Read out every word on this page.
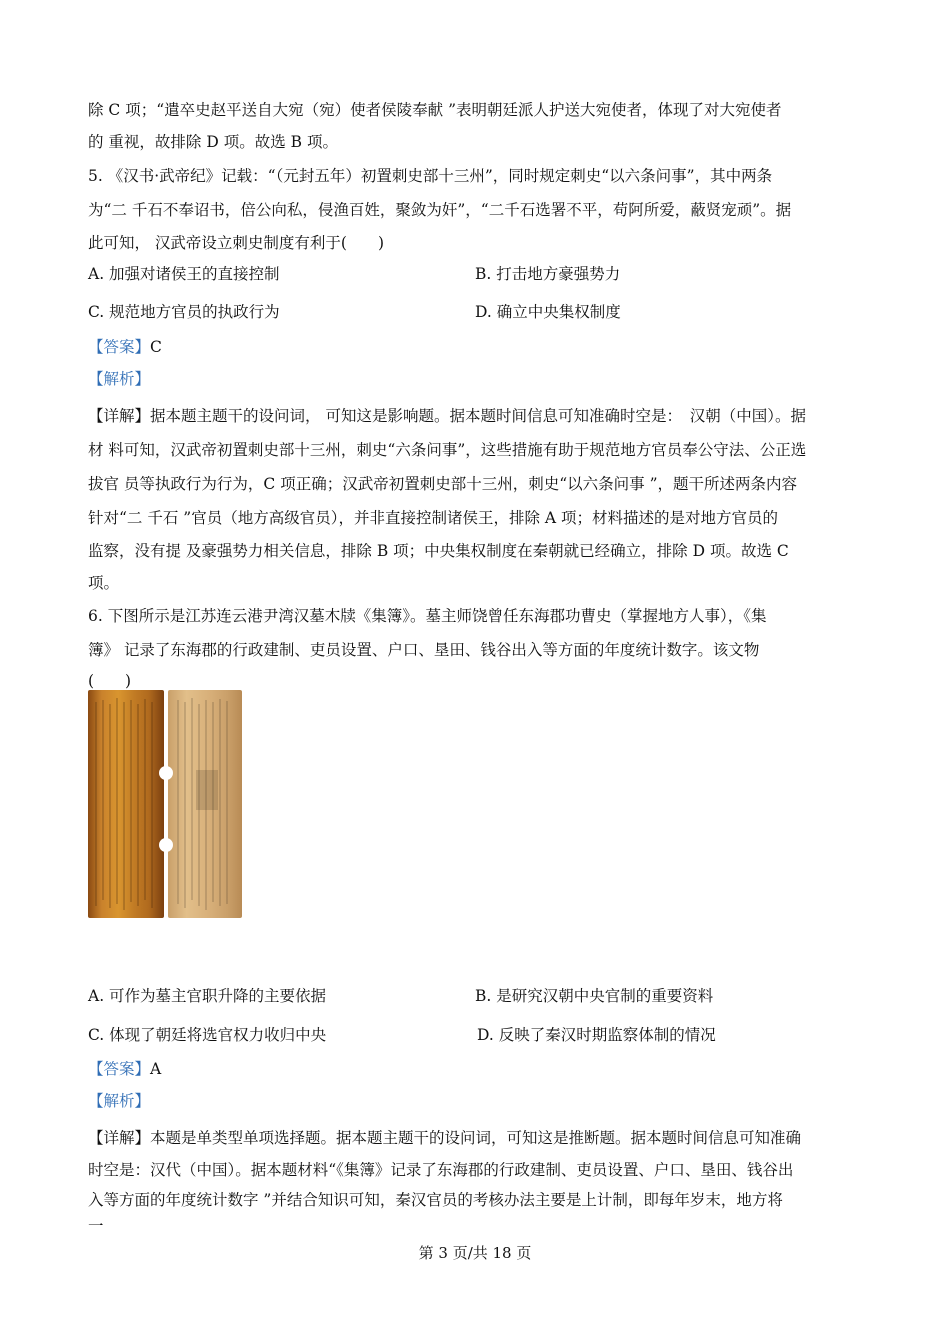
除 C 项；“遣卒史赵平送自大宛（宛）使者侯陵奉献 ”表明朝廷派人护送大宛使者，体现了对大宛使者
的 重视，故排除 D 项。故选 B 项。
5. 《汉书·武帝纪》记载：“（元封五年）初置刺史部十三州”，同时规定刺史“以六条问事”，其中两条
为“二 千石不奉诏书，倍公向私，侵渔百姓，聚敛为奸”，“二千石选署不平，苟阿所爱，蔽贤宠顽”。据
此可知， 汉武帝设立刺史制度有利于(　　)
A. 加强对诸侯王的直接控制	B. 打击地方豪强势力
C. 规范地方官员的执政行为	D. 确立中央集权制度
【答案】C
【解析】
【详解】据本题主题干的设问词， 可知这是影响题。据本题时间信息可知准确时空是：　汉朝（中国）。据
材 料可知，汉武帝初置刺史部十三州，刺史“六条问事”，这些措施有助于规范地方官员奉公守法、公正选
拔官 员等执政行为行为，C 项正确；汉武帝初置刺史部十三州，刺史“以六条问事 ”，题干所述两条内容
针对“二 千石 ”官员（地方高级官员），并非直接控制诸侯王，排除 A 项；材料描述的是对地方官员的
监察，没有提 及豪强势力相关信息，排除 B 项；中央集权制度在秦朝就已经确立，排除 D 项。故选 C
项。
6. 下图所示是江苏连云港尹湾汉墓木牍《集簿》。墓主师饶曾任东海郡功曹史（掌握地方人事），《集
簿》 记录了东海郡的行政建制、吏员设置、户口、垦田、钱谷出入等方面的年度统计数字。该文物
(　　)
A. 可作为墓主官职升降的主要依据	B. 是研究汉朝中央官制的重要资料
C. 体现了朝廷将选官权力收归中央	D. 反映了秦汉时期监察体制的情况
【答案】A
【解析】
【详解】本题是单类型单项选择题。据本题主题干的设问词，可知这是推断题。据本题时间信息可知准确
时空是：汉代（中国）。据本题材料“《集簿》记录了东海郡的行政建制、吏员设置、户口、垦田、钱谷出
入等方面的年度统计数字 ”并结合知识可知，秦汉官员的考核办法主要是上计制，即每年岁末，地方将
一
第 3 页/共 18 页
